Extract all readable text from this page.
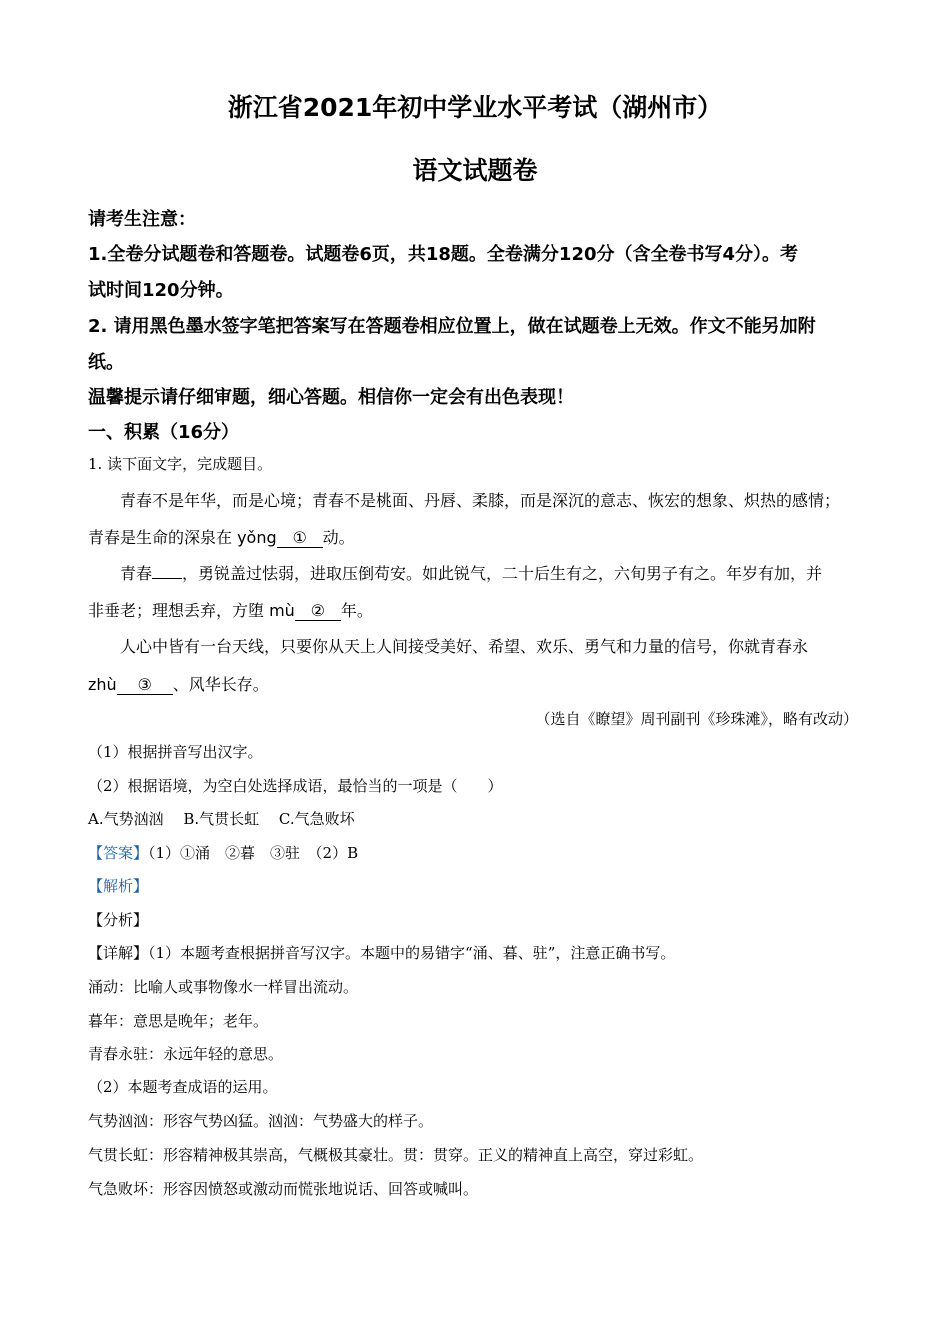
浙江省2021年初中学业水平考试（湖州市）
语文试题卷
请考生注意：
1.全卷分试题卷和答题卷。试题卷6页，共18题。全卷满分120分（含全卷书写4分）。考
试时间120分钟。
2. 请用黑色墨水签字笔把答案写在答题卷相应位置上，做在试题卷上无效。作文不能另加附
纸。
温馨提示请仔细审题，细心答题。相信你一定会有出色表现！
一、积累（16分）
1. 读下面文字，完成题目。
青春不是年华，而是心境；青春不是桃面、丹唇、柔膝，而是深沉的意志、恢宏的想象、炽热的感情；
青春是生命的深泉在 yǒng ① 动。
青春 ，勇锐盖过怯弱，进取压倒苟安。如此锐气，二十后生有之，六旬男子有之。年岁有加，并
非垂老；理想丢弃，方堕 mù ② 年。
人心中皆有一台天线，只要你从天上人间接受美好、希望、欢乐、勇气和力量的信号，你就青春永
zhù ③ 、风华长存。
（选自《瞭望》周刊副刊《珍珠滩》，略有改动）
（1）根据拼音写出汉字。
（2）根据语境，为空白处选择成语，最恰当的一项是（　　）
A.气势汹汹　 B.气贯长虹　 C.气急败坏
【答案】（1）①涌　②暮　③驻　（2）B
【解析】
【分析】
【详解】（1）本题考查根据拼音写汉字。本题中的易错字“涌、暮、驻”，注意正确书写。
涌动：比喻人或事物像水一样冒出流动。
暮年：意思是晚年；老年。
青春永驻：永远年轻的意思。
（2）本题考查成语的运用。
气势汹汹：形容气势凶猛。汹汹：气势盛大的样子。
气贯长虹：形容精神极其崇高，气概极其豪壮。贯：贯穿。正义的精神直上高空，穿过彩虹。
气急败坏：形容因愤怒或激动而慌张地说话、回答或喊叫。
